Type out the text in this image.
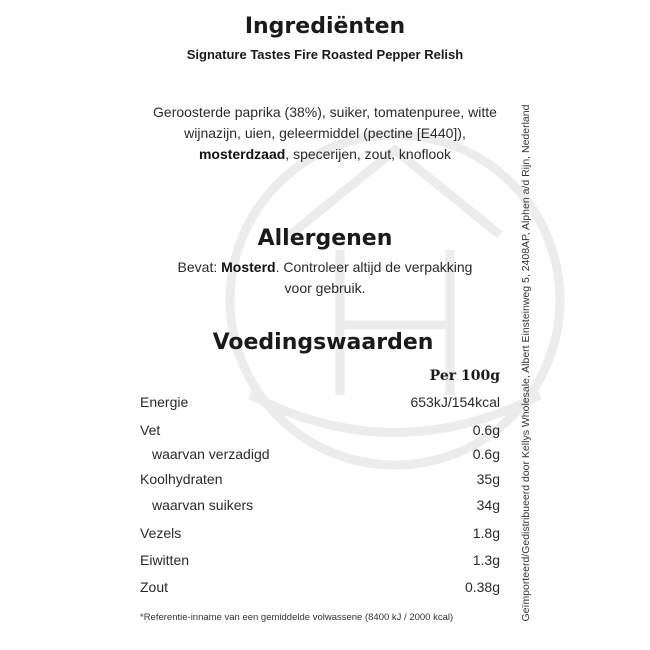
Ingrediënten
Signature Tastes Fire Roasted Pepper Relish
Geroosterde paprika (38%), suiker, tomatenpuree, witte
wijnazijn, uien, geleermiddel (pectine [E440]),
mosterdzaad, specerijen, zout, knoflook
Allergenen
Bevat: Mosterd. Controleer altijd de verpakking
voor gebruik.
Voedingswaarden
Per 100g
Energie	653kJ/154kcal
Vet	0.6g
waarvan verzadigd	0.6g
Koolhydraten	35g
waarvan suikers	34g
Vezels	1.8g
Eiwitten	1.3g
Zout	0.38g
*Referentie-inname van een gemiddelde volwassene (8400 kJ / 2000 kcal)	Geïmporteerd/Gedistribueerd door Kellys Wholesale, Albert Einsteinweg 5, 2408AP, Alphen a/d Rijn, Nederland
